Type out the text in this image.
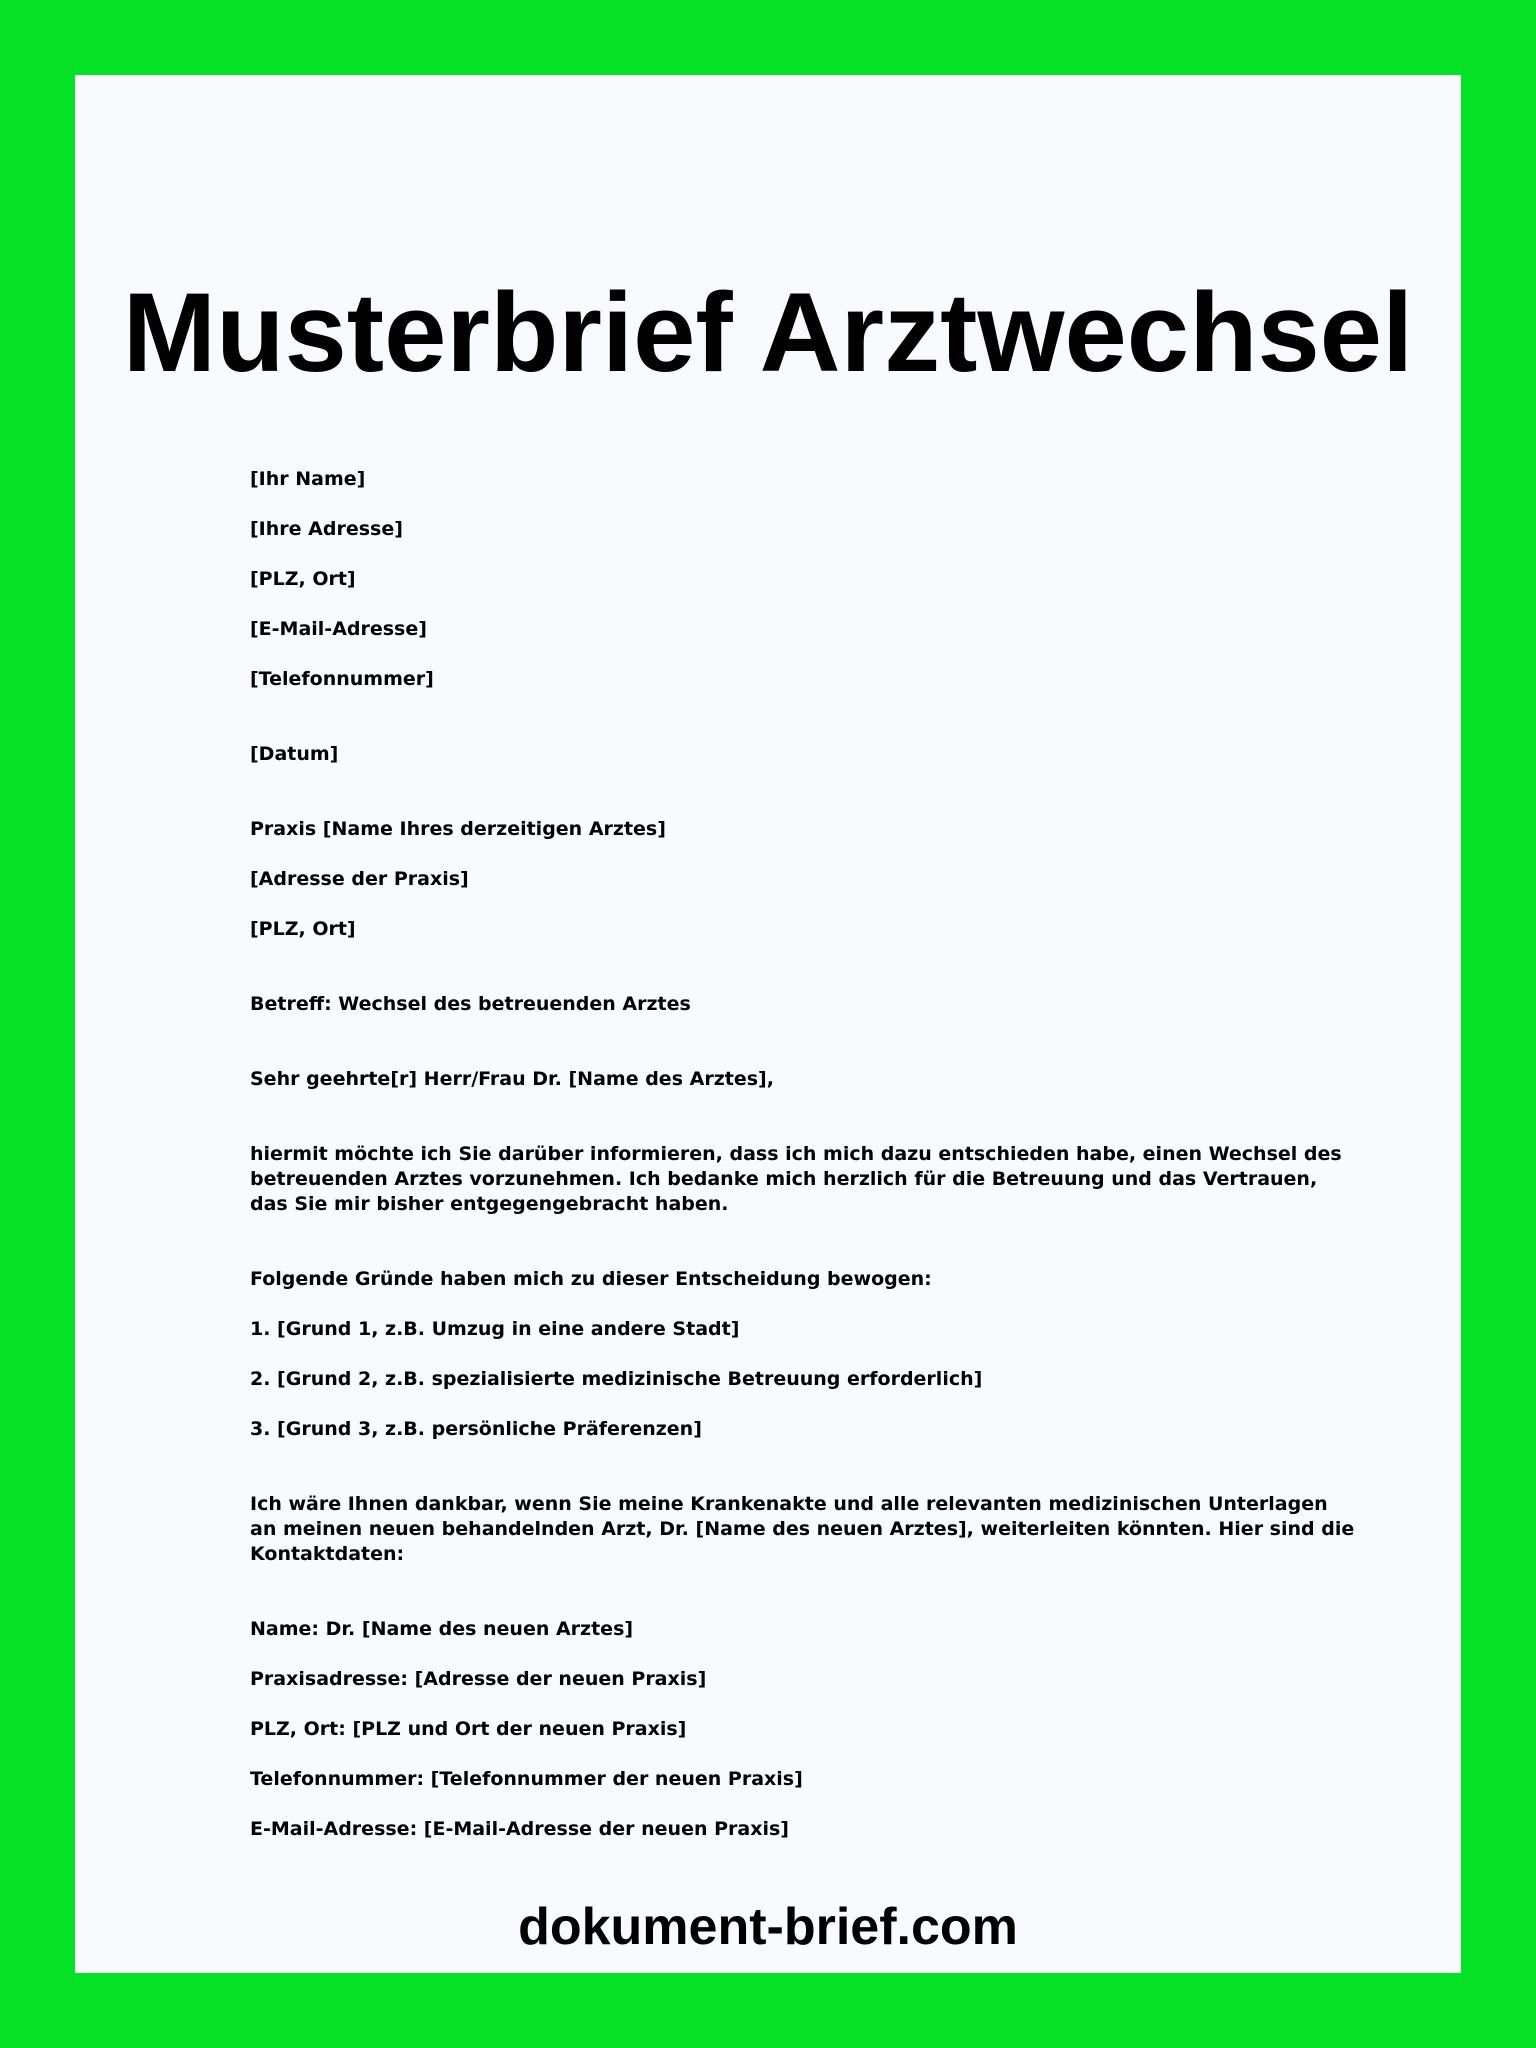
Musterbrief Arztwechsel

[Ihr Name]

[Ihre Adresse]

[PLZ, Ort]

[E-Mail-Adresse]

[Telefonnummer]

[Datum]

Praxis [Name Ihres derzeitigen Arztes]

[Adresse der Praxis]

[PLZ, Ort]

Betreff: Wechsel des betreuenden Arztes

Sehr geehrte[r] Herr/Frau Dr. [Name des Arztes],

hiermit möchte ich Sie darüber informieren, dass ich mich dazu entschieden habe, einen Wechsel des betreuenden Arztes vorzunehmen. Ich bedanke mich herzlich für die Betreuung und das Vertrauen, das Sie mir bisher entgegengebracht haben.

Folgende Gründe haben mich zu dieser Entscheidung bewogen:

1. [Grund 1, z.B. Umzug in eine andere Stadt]

2. [Grund 2, z.B. spezialisierte medizinische Betreuung erforderlich]

3. [Grund 3, z.B. persönliche Präferenzen]

Ich wäre Ihnen dankbar, wenn Sie meine Krankenakte und alle relevanten medizinischen Unterlagen an meinen neuen behandelnden Arzt, Dr. [Name des neuen Arztes], weiterleiten könnten. Hier sind die Kontaktdaten:

Name: Dr. [Name des neuen Arztes]

Praxisadresse: [Adresse der neuen Praxis]

PLZ, Ort: [PLZ und Ort der neuen Praxis]

Telefonnummer: [Telefonnummer der neuen Praxis]

E-Mail-Adresse: [E-Mail-Adresse der neuen Praxis]

dokument-brief.com
